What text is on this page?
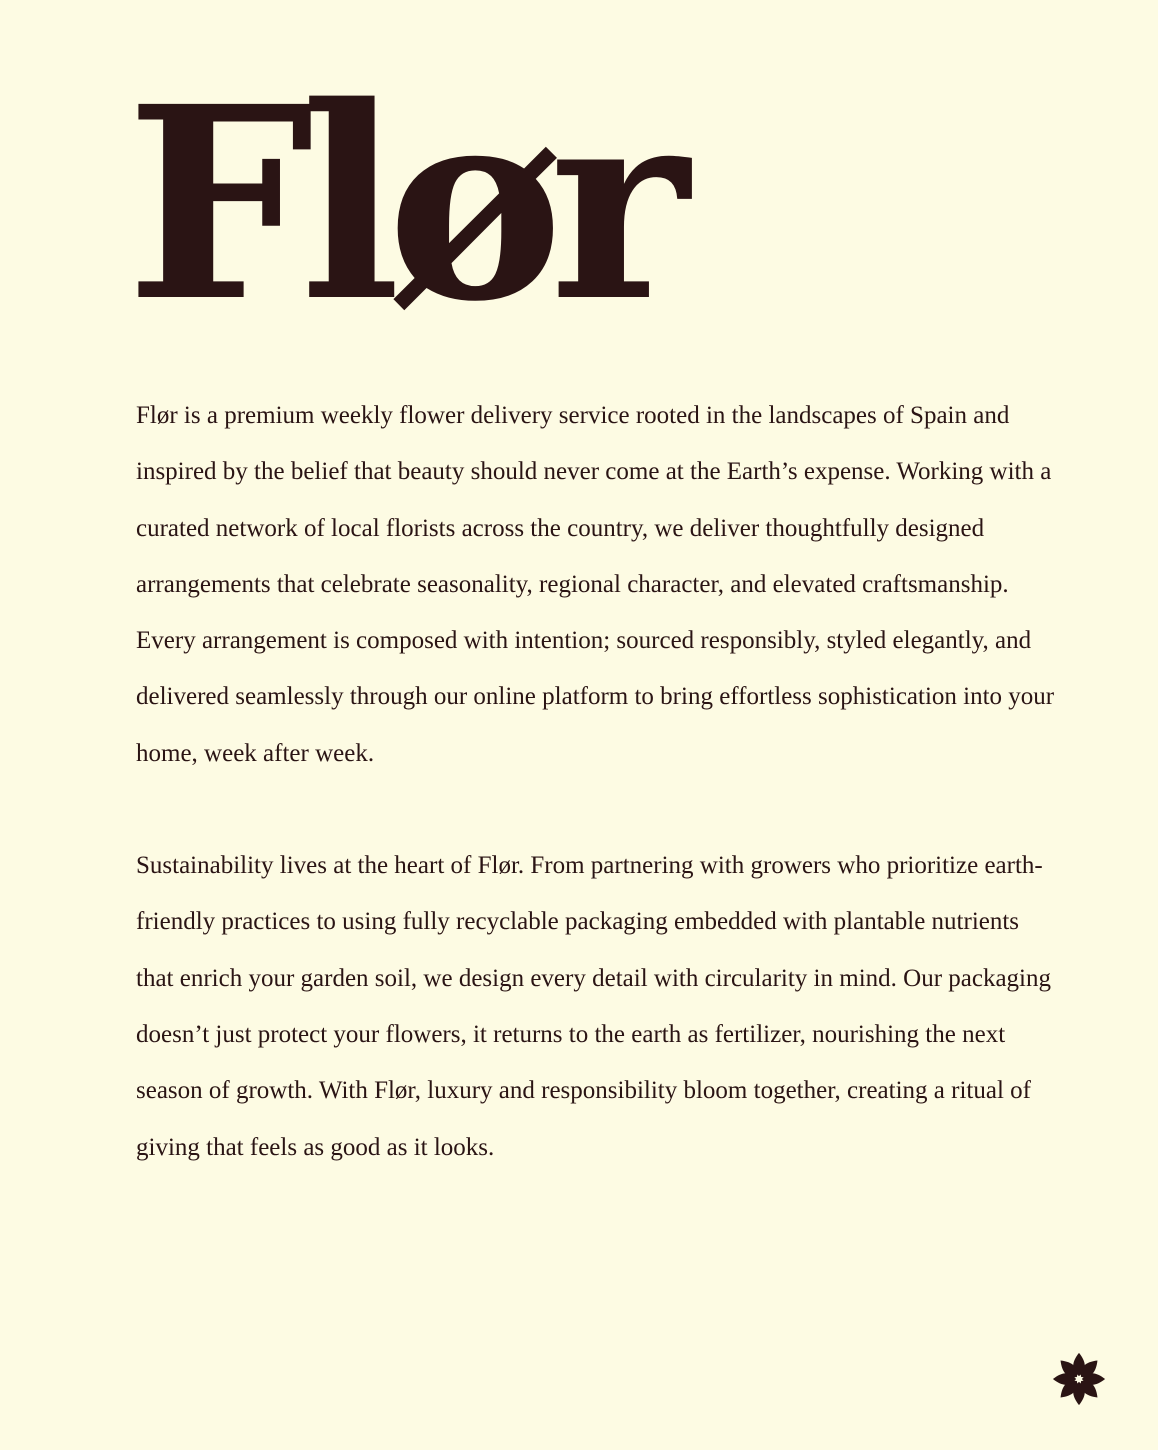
Flør

Flør is a premium weekly flower delivery service rooted in the landscapes of Spain and inspired by the belief that beauty should never come at the Earth’s expense. Working with a curated network of local florists across the country, we deliver thoughtfully designed arrangements that celebrate seasonality, regional character, and elevated craftsmanship. Every arrangement is composed with intention; sourced responsibly, styled elegantly, and delivered seamlessly through our online platform to bring effortless sophistication into your home, week after week.

Sustainability lives at the heart of Flør. From partnering with growers who prioritize earth-friendly practices to using fully recyclable packaging embedded with plantable nutrients that enrich your garden soil, we design every detail with circularity in mind. Our packaging doesn’t just protect your flowers, it returns to the earth as fertilizer, nourishing the next season of growth. With Flør, luxury and responsibility bloom together, creating a ritual of giving that feels as good as it looks.
